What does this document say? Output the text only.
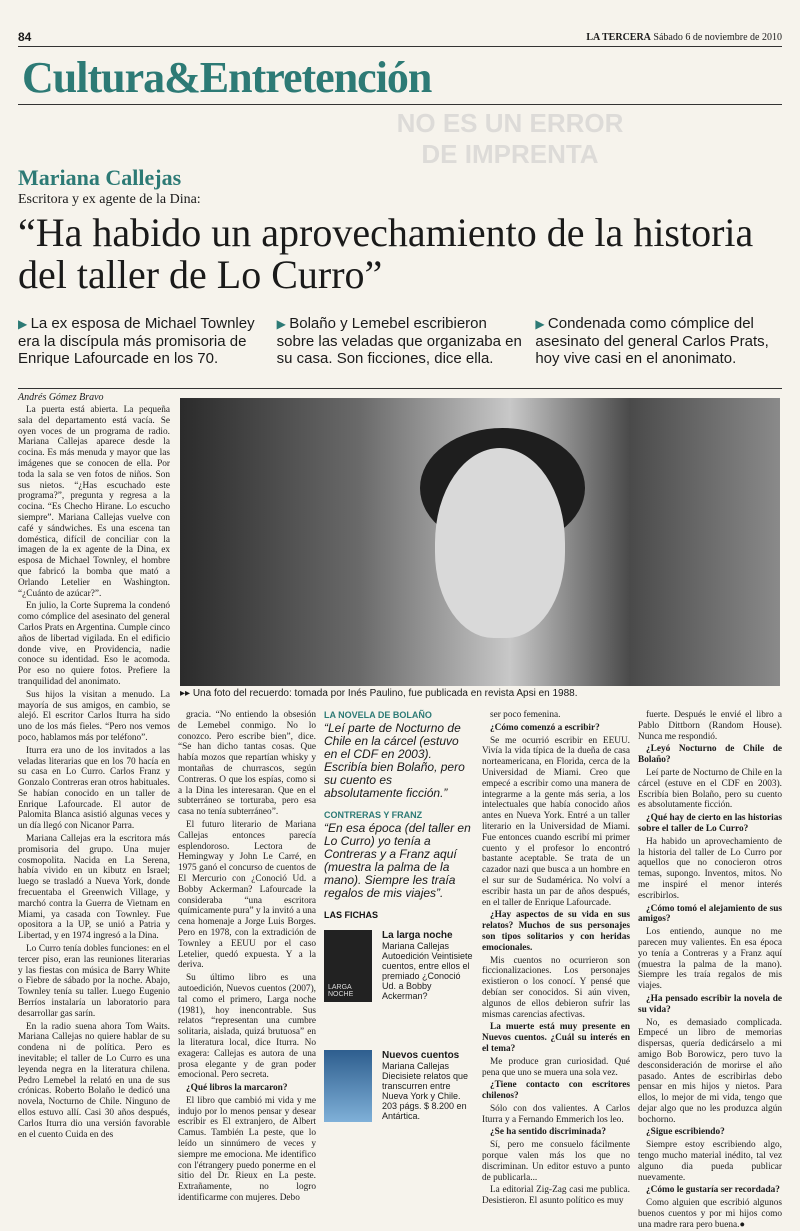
84	LA TERCERA Sábado 6 de noviembre de 2010
Cultura&Entretención
NO ES UN ERROR
DE IMPRENTA
Mariana Callejas
Escritora y ex agente de la Dina:
“Ha habido un aprovechamiento de la historia del taller de Lo Curro”
▶ La ex esposa de Michael Townley era la discípula más promisoria de Enrique Lafourcade en los 70.
▶ Bolaño y Lemebel escribieron sobre las veladas que organizaba en su casa. Son ficciones, dice ella.
▶ Condenada como cómplice del asesinato del general Carlos Prats, hoy vive casi en el anonimato.
Andrés Gómez Bravo
▸▸ Una foto del recuerdo: tomada por Inés Paulino, fue publicada en revista Apsi en 1988.

La puerta está abierta. La pequeña sala del departamento está vacía. Se oyen voces de un programa de radio. Mariana Callejas aparece desde la cocina. Es más menuda y mayor que las imágenes que se conocen de ella. Por toda la sala se ven fotos de niños. Son sus nietos. “¿Has escuchado este programa?”, pregunta y regresa a la cocina. “Es Checho Hirane. Lo escucho siempre”. Mariana Callejas vuelve con café y sándwiches. Es una escena tan doméstica, difícil de conciliar con la imagen de la ex agente de la Dina, ex esposa de Michael Townley, el hombre que fabricó la bomba que mató a Orlando Letelier en Washington. “¿Cuánto de azúcar?”.

En julio, la Corte Suprema la condenó como cómplice del asesinato del general Carlos Prats en Argentina. Cumple cinco años de libertad vigilada. En el edificio donde vive, en Providencia, nadie conoce su identidad. Eso le acomoda. Por eso no quiere fotos. Prefiere la tranquilidad del anonimato.

Sus hijos la visitan a menudo. La mayoría de sus amigos, en cambio, se alejó. El escritor Carlos Iturra ha sido uno de los más fieles. “Pero nos vemos poco, hablamos más por teléfono”.

Iturra era uno de los invitados a las veladas literarias que en los 70 hacía en su casa en Lo Curro. Carlos Franz y Gonzalo Contreras eran otros habituales. Se habían conocido en un taller de Enrique Lafourcade. El autor de Palomita Blanca asistió algunas veces y un día llegó con Nicanor Parra.

Mariana Callejas era la escritora más promisoria del grupo. Una mujer cosmopolita. Nacida en La Serena, había vivido en un kibutz en Israel; luego se trasladó a Nueva York, donde frecuentaba el Greenwich Village, y marchó contra la Guerra de Vietnam en Miami, ya casada con Townley. Fue opositora a la UP, se unió a Patria y Libertad, y en 1974 ingresó a la Dina.

Lo Curro tenía dobles funciones: en el tercer piso, eran las reuniones literarias y las fiestas con música de Barry White o Fiebre de sábado por la noche. Abajo, Townley tenía su taller. Luego Eugenio Berríos instalaría un laboratorio para desarrollar gas sarín.

En la radio suena ahora Tom Waits. Mariana Callejas no quiere hablar de su condena ni de política. Pero es inevitable; el taller de Lo Curro es una leyenda negra en la literatura chilena. Pedro Lemebel la relató en una de sus crónicas. Roberto Bolaño le dedicó una novela, Nocturno de Chile. Ninguno de ellos estuvo allí. Casi 30 años después, Carlos Iturra dio una versión favorable en el cuento Cuida en des

gracia. “No entiendo la obsesión de Lemebel conmigo. No lo conozco. Pero escribe bien”, dice. “Se han dicho tantas cosas. Que había mozos que repartían whisky y montañas de churrascos, según Contreras. O que los espías, como si a la Dina les interesaran. Que en el subterráneo se torturaba, pero esa casa no tenía subterráneo”.

El futuro literario de Mariana Callejas entonces parecía esplendoroso. Lectora de Hemingway y John Le Carré, en 1975 ganó el concurso de cuentos de El Mercurio con ¿Conoció Ud. a Bobby Ackerman? Lafourcade la consideraba “una escritora químicamente pura” y la invitó a una cena homenaje a Jorge Luis Borges. Pero en 1978, con la extradición de Townley a EEUU por el caso Letelier, quedó expuesta. Y a la deriva.

Su último libro es una autoedición, Nuevos cuentos (2007), tal como el primero, Larga noche (1981), hoy inencontrable. Sus relatos “representan una cumbre solitaria, aislada, quizá brutuosa” en la literatura local, dice Iturra. No exagera: Callejas es autora de una prosa elegante y de gran poder emocional. Pero secreta.

¿Qué libros la marcaron?

El libro que cambió mi vida y me indujo por lo menos pensar y desear escribir es El extranjero, de Albert Camus. También La peste, que lo leído un sinnúmero de veces y siempre me emociona. Me identifico con l'étrangery puedo ponerme en el sitio del Dr. Rieux en La peste. Extrañamente, no logro identificarme con mujeres. Debo

LA NOVELA DE BOLAÑO
“Leí parte de Nocturno de Chile en la cárcel (estuvo en el CDF en 2003). Escribía bien Bolaño, pero su cuento es absolutamente ficción.”
CONTRERAS Y FRANZ
“En esa época (del taller en Lo Curro) yo tenía a Contreras y a Franz aquí (muestra la palma de la mano). Siempre les traía regalos de mis viajes”.
LAS FICHAS
LARGA NOCHE
La larga noche
Mariana Callejas Autoedición Veintisiete cuentos, entre ellos el premiado ¿Conoció Ud. a Bobby Ackerman?
Nuevos cuentos
Mariana Callejas Diecisiete relatos que transcurren entre Nueva York y Chile. 203 págs. $ 8.200 en Antártica.

ser poco femenina.

¿Cómo comenzó a escribir?

Se me ocurrió escribir en EEUU. Vivía la vida típica de la dueña de casa norteamericana, en Florida, cerca de la Universidad de Miami. Creo que empecé a escribir como una manera de integrarme a la gente más seria, a los intelectuales que había conocido años antes en Nueva York. Entré a un taller literario en la Universidad de Miami. Fue entonces cuando escribí mi primer cuento y el profesor lo encontró bastante aceptable. Se trata de un cazador nazi que busca a un hombre en el sur sur de Sudamérica. No volví a escribir hasta un par de años después, en el taller de Enrique Lafourcade.

¿Hay aspectos de su vida en sus relatos? Muchos de sus personajes son tipos solitarios y con heridas emocionales.

Mis cuentos no ocurrieron son ficcionalizaciones. Los personajes existieron o los conocí. Y pensé que debían ser conocidos. Si aún viven, algunos de ellos debieron sufrir las mismas carencias afectivas.

La muerte está muy presente en Nuevos cuentos. ¿Cuál su interés en el tema?

Me produce gran curiosidad. Qué pena que uno se muera una sola vez.

¿Tiene contacto con escritores chilenos?

Sólo con dos valientes. A Carlos Iturra y a Fernando Emmerich los leo.

¿Se ha sentido discriminada?

Sí, pero me consuelo fácilmente porque valen más los que no discriminan. Un editor estuvo a punto de publicarla...

La editorial Zig-Zag casi me publica. Desistieron. El asunto político es muy

fuerte. Después le envié el libro a Pablo Dittborn (Random House). Nunca me respondió.

¿Leyó Nocturno de Chile de Bolaño?

Leí parte de Nocturno de Chile en la cárcel (estuve en el CDF en 2003). Escribía bien Bolaño, pero su cuento es absolutamente ficción.

¿Qué hay de cierto en las historias sobre el taller de Lo Curro?

Ha habido un aprovechamiento de la historia del taller de Lo Curro por aquellos que no conocieron otros temas, supongo. Inventos, mitos. No me inspiré el menor interés escribirlos.

¿Cómo tomó el alejamiento de sus amigos?

Los entiendo, aunque no me parecen muy valientes. En esa época yo tenía a Contreras y a Franz aquí (muestra la palma de la mano). Siempre les traía regalos de mis viajes.

¿Ha pensado escribir la novela de su vida?

No, es demasiado complicada. Empecé un libro de memorias dispersas, quería dedicárselo a mi amigo Bob Borowicz, pero tuvo la desconsideración de morirse el año pasado. Antes de escribirlas debo pensar en mis hijos y nietos. Para ellos, lo mejor de mi vida, tengo que dejar algo que no les produzca algún bochorno.

¿Sigue escribiendo?

Siempre estoy escribiendo algo, tengo mucho material inédito, tal vez alguno dia pueda publicar nuevamente.

¿Cómo le gustaría ser recordada?

Como alguien que escribió algunos buenos cuentos y por mi hijos como una madre rara pero buena.●
